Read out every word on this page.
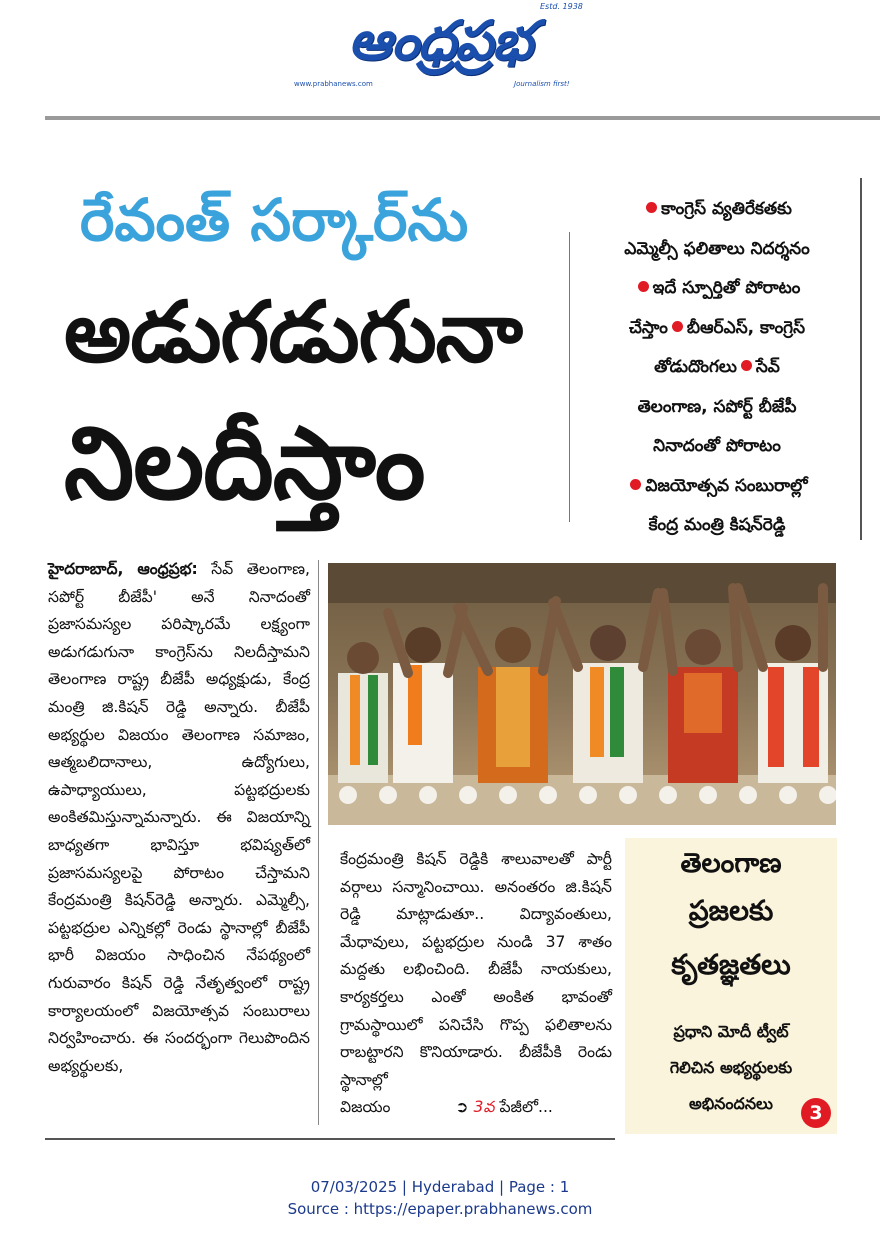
ఆంధ్రప్రభ
Estd. 1938
www.prabhanews.com	Journalism first!
రేవంత్ సర్కార్‌ను
అడుగడుగునా
నిలదీస్తాం
కాంగ్రెస్ వ్యతిరేకతకు
ఎమ్మెల్సీ ఫలితాలు నిదర్శనం
ఇదే స్పూర్తితో పోరాటం
చేస్తాం బీఆర్ఎస్, కాంగ్రెస్
తోడుదొంగలు సేవ్
తెలంగాణ, సపోర్ట్ బీజేపీ
నినాదంతో పోరాటం
విజయోత్సవ సంబురాల్లో
కేంద్ర మంత్రి కిషన్‌రెడ్డి

హైదరాబాద్, ఆంధ్రప్రభ: సేవ్ తెలంగాణ, సపోర్ట్ బీజేపీ' అనే నినాదంతో ప్రజాసమస్యల పరిష్కారమే లక్ష్యంగా అడుగడుగునా కాంగ్రెస్‌ను నిలదీస్తామని తెలంగాణ రాష్ట్ర బీజేపీ అధ్యక్షుడు, కేంద్ర మంత్రి జి.కిషన్ రెడ్డి అన్నారు. బీజేపీ అభ్యర్థుల విజయం తెలంగాణ సమాజం, ఆత్మబలిదానాలు, ఉద్యోగులు, ఉపాధ్యాయులు, పట్టభద్రులకు అంకితమిస్తున్నామన్నారు. ఈ విజయాన్ని బాధ్యతగా భావిస్తూ భవిష్యత్‌లో ప్రజాసమస్యలపై పోరాటం చేస్తామని కేంద్రమంత్రి కిషన్‌రెడ్డి అన్నారు. ఎమ్మెల్సీ, పట్టభద్రుల ఎన్నికల్లో రెండు స్థానాల్లో బీజేపీ భారీ విజయం సాధించిన నేపథ్యంలో గురువారం కిషన్ రెడ్డి నేతృత్వంలో రాష్ట్ర కార్యాలయంలో విజయోత్సవ సంబురాలు నిర్వహించారు. ఈ సందర్భంగా గెలుపొందిన అభ్యర్థులకు,

కేంద్రమంత్రి కిషన్ రెడ్డికి శాలువాలతో పార్టీ వర్గాలు సన్మానించాయి. అనంతరం జి.కిషన్ రెడ్డి మాట్లాడుతూ.. విద్యావంతులు, మేధావులు, పట్టభద్రుల నుండి 37 శాతం మద్దతు లభించింది. బీజేపీ నాయకులు, కార్యకర్తలు ఎంతో అంకిత భావంతో గ్రామస్థాయిలో పనిచేసి గొప్ప ఫలితాలను రాబట్టారని కొనియాడారు. బీజేపీకి రెండు స్థానాల్లో

విజయం	➲ 3వ పేజీలో...
తెలంగాణ
ప్రజలకు
కృతజ్ఞతలు
ప్రధాని మోదీ ట్వీట్
గెలిచిన అభ్యర్థులకు
అభినందనలు	3
07/03/2025 | Hyderabad | Page : 1
Source : https://epaper.prabhanews.com
